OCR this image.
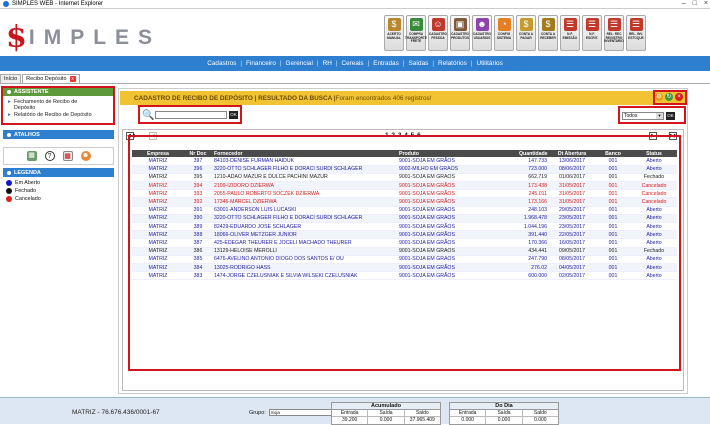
SIMPLES WEB - Internet Explorer	– □ ×
$ IMPLES
$
ACERTO MANUAL
✉
COMPRA TRANSPORTE FRETE
☺
CADASTRO PESSOA
▣
CADASTRO PRODUTOS
☻
CADASTRO USUARIOS
◔
CONFIG SISTEMA
$
CONTA A PAGAR
$
CONTA A RECEBER
☰
N.F. EMISSÃO
☰
N.F. ESCRIT.
☰
REL. REC REGISTRO INVENTARIO
☰
REL. INV. ESTOQUE
Cadastros | Financeiro | Gerencial | RH | Cereais | Entradas | Saídas | Relatórios | Utilitários
Início Recibo Depósito x
ASSISTENTE
▸ Fechamento de Recibo de Depósito
▸ Relatório de Recibo de Depósito
ATALHOS
▦	?	▦ ☻
LEGENDA
Em Aberto
Fechado
Cancelado
CADASTRO DE RECIBO DE DEPÓSITO | RESULTADO DA BUSCA | Foram encontrados 406 registros!	⚙ ↻ ×
🔍	OK	Todos	▼	OK
◀◀	◀	1 2 3 4 5 6 ...	▶	▶▶
Empresa	Nr Doc	Fornecedor	Produto	Quantidade	Dt Abertura	Banco	Status
MATRIZ	397	84103-DENISE FURMAN HAIDUK	9001-SOJA EM GRÃOS	147.733	13/06/2017	001	Aberto
MATRIZ	396	3220-OTTO SCHLAGER FILHO E DORACI SURDI SCHLAGER	9002-MILHO EM GRÃOS	723.000	08/06/2017	001	Aberto
MATRIZ	395	1210-ADÃO MAZUR E DULCE PACHINI MAZUR	9001-SOJA EM GRÃOS	662.719	01/06/2017	001	Fechado
MATRIZ	394	2109-IZIDORO DZIERWA	9001-SOJA EM GRÃOS	173.438	31/05/2017	001	Cancelado
MATRIZ	393	2055-PAULO ROBERTO SOCZEK DZIERWA	9001-SOJA EM GRÃOS	245.011	31/05/2017	001	Cancelado
MATRIZ	392	17346-MARCEL DZIERWA	9001-SOJA EM GRÃOS	173.166	31/05/2017	001	Cancelado
MATRIZ	391	63001-ANDERSON LUIS LUCASKI	9001-SOJA EM GRÃOS	248.103	29/05/2017	001	Aberto
MATRIZ	390	3220-OTTO SCHLAGER FILHO E DORACI SURDI SCHLAGER	9001-SOJA EM GRÃOS	1.968.478	23/05/2017	001	Aberto
MATRIZ	389	82429-EDUARDO JOSE SCHLAGER	9001-SOJA EM GRÃOS	1.044.196	23/05/2017	001	Aberto
MATRIZ	388	18066-OLIVER METZGER JUNIOR	9001-SOJA EM GRÃOS	391.440	22/05/2017	001	Aberto
MATRIZ	387	425-EDEGAR THEURER E JOCELI MACHADO THEURER	9001-SOJA EM GRÃOS	170.366	16/05/2017	001	Aberto
MATRIZ	386	13129-HELOISE MEROLLI	9001-SOJA EM GRÃOS	434.441	09/05/2017	001	Fechado
MATRIZ	385	6476-AVELINO ANTONIO DIOGO DOS SANTOS E/ OU	9001-SOJA EM GRÃOS	247.790	08/05/2017	001	Aberto
MATRIZ	384	13025-RODRIGO HASS	9001-SOJA EM GRÃOS	276.02	04/05/2017	001	Aberto
MATRIZ	383	1474-JORGE CZELUSNIAK E SILVIA WILSEKI CZELUSNIAK	9001-SOJA EM GRÃOS	600.000	02/05/2017	001	Aberto
MATRIZ - 76.676.436/0001-67	Grupo:	Soja ▾
Acumulado
Entrada
39.200
Saída
0.000
Saldo
37.965.409
Do Dia
Entrada
0.000
Saída
0.000
Saldo
0.000
